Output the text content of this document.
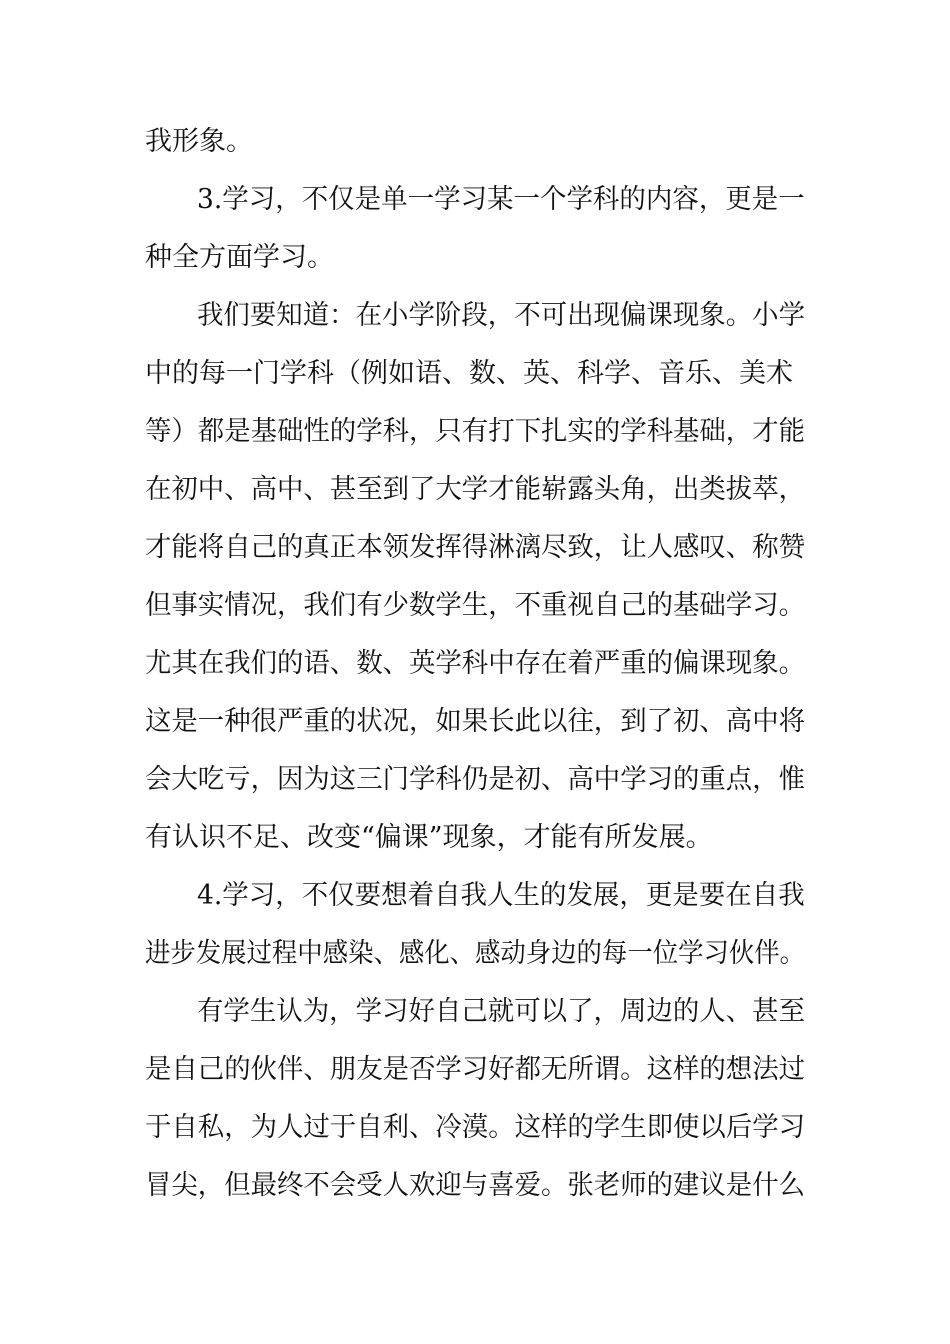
我形象。
3.学习，不仅是单一学习某一个学科的内容，更是一
种全方面学习。
我们要知道：在小学阶段，不可出现偏课现象。小学
中的每一门学科（例如语、数、英、科学、音乐、美术
等）都是基础性的学科，只有打下扎实的学科基础，才能
在初中、高中、甚至到了大学才能崭露头角，出类拔萃，
才能将自己的真正本领发挥得淋漓尽致，让人感叹、称赞
但事实情况，我们有少数学生，不重视自己的基础学习。
尤其在我们的语、数、英学科中存在着严重的偏课现象。
这是一种很严重的状况，如果长此以往，到了初、高中将
会大吃亏，因为这三门学科仍是初、高中学习的重点，惟
有认识不足、改变“偏课”现象，才能有所发展。
4.学习，不仅要想着自我人生的发展，更是要在自我
进步发展过程中感染、感化、感动身边的每一位学习伙伴。
有学生认为，学习好自己就可以了，周边的人、甚至
是自己的伙伴、朋友是否学习好都无所谓。这样的想法过
于自私，为人过于自利、冷漠。这样的学生即使以后学习
冒尖，但最终不会受人欢迎与喜爱。张老师的建议是什么
